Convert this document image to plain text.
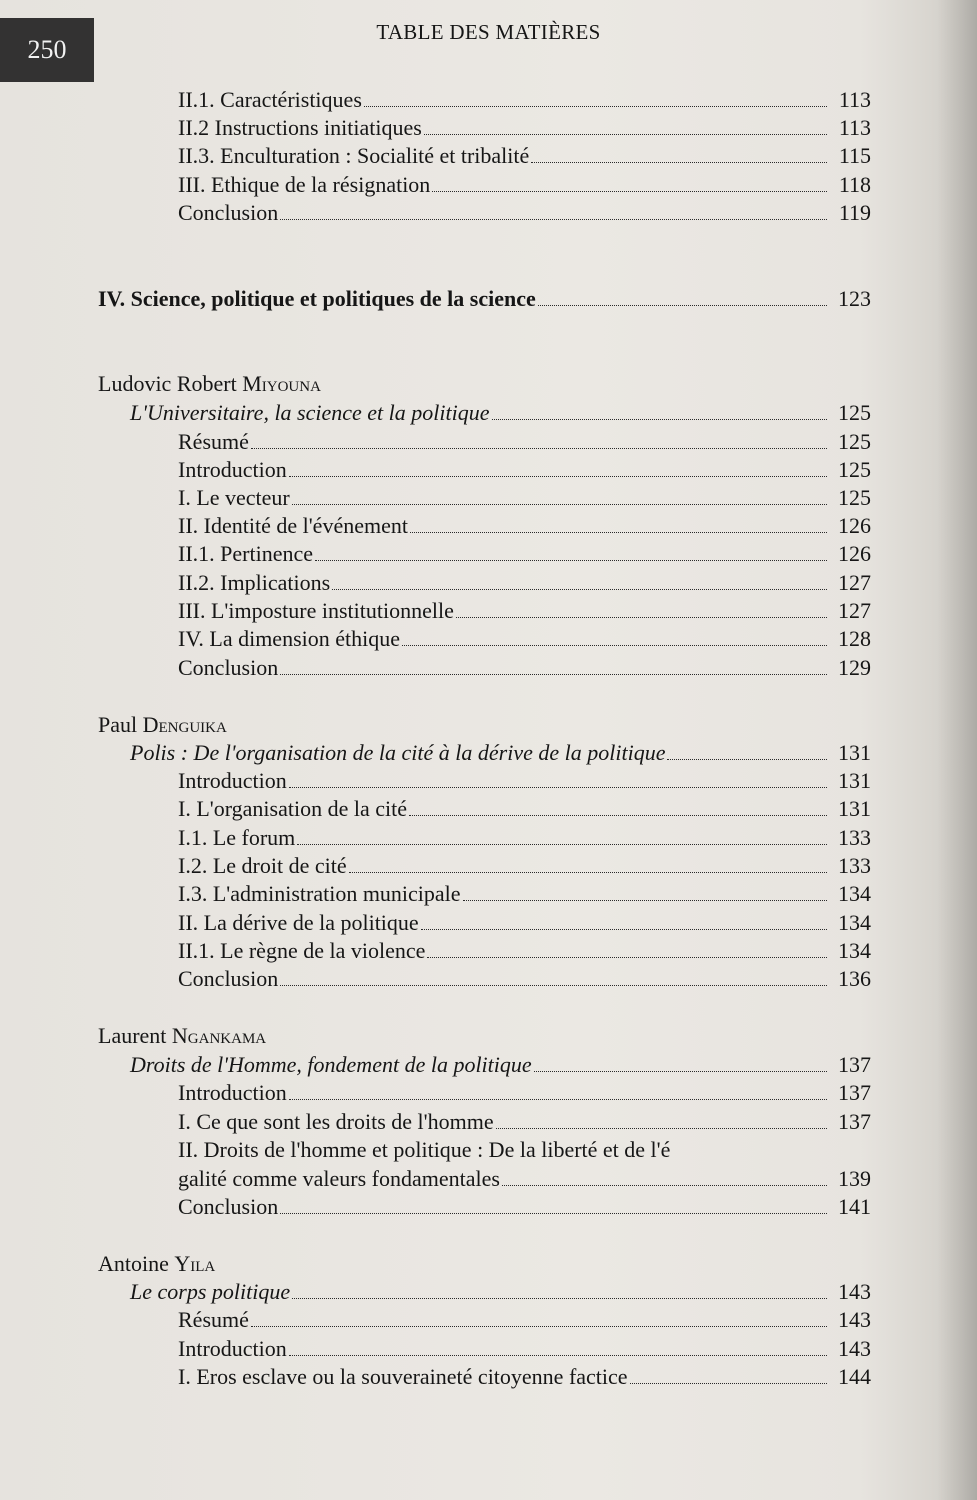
250
TABLE DES MATIÈRES
II.1. Caractéristiques	113
II.2 Instructions initiatiques	113
II.3. Enculturation : Socialité et tribalité	115
III. Ethique de la résignation	118
Conclusion	119
IV. Science, politique et politiques de la science	123
Ludovic Robert Miyouna
L'Universitaire, la science et la politique	125
Résumé	125
Introduction	125
I. Le vecteur	125
II. Identité de l'événement	126
II.1. Pertinence	126
II.2. Implications	127
III. L'imposture institutionnelle	127
IV. La dimension éthique	128
Conclusion	129
Paul Denguika
Polis : De l'organisation de la cité à la dérive de la politique	131
Introduction	131
I. L'organisation de la cité	131
I.1. Le forum	133
I.2. Le droit de cité	133
I.3. L'administration municipale	134
II. La dérive de la politique	134
II.1. Le règne de la violence	134
Conclusion	136
Laurent Ngankama
Droits de l'Homme, fondement de la politique	137
Introduction	137
I. Ce que sont les droits de l'homme	137
II. Droits de l'homme et politique : De la liberté et de l'é
galité comme valeurs fondamentales	139
Conclusion	141
Antoine Yila
Le corps politique	143
Résumé	143
Introduction	143
I. Eros esclave ou la souveraineté citoyenne factice	144
